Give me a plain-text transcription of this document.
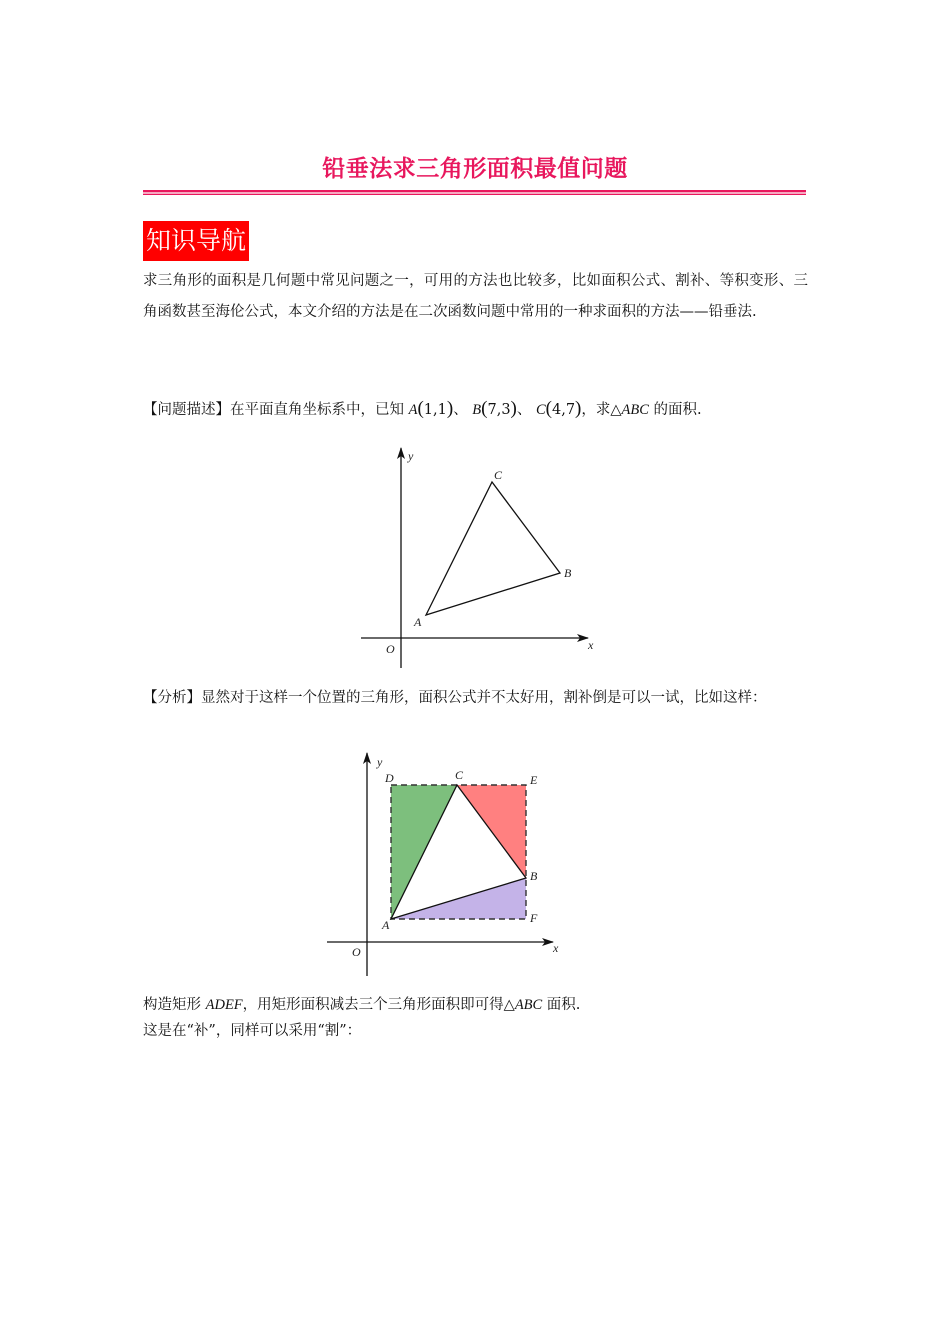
铅垂法求三角形面积最值问题
知识导航
求三角形的面积是几何题中常见问题之一，可用的方法也比较多，比如面积公式、割补、等积变形、三角函数甚至海伦公式，本文介绍的方法是在二次函数问题中常用的一种求面积的方法——铅垂法.
【问题描述】在平面直角坐标系中，已知 A(1,1)、 B(7,3)、 C(4,7)，求△ABC 的面积.
y
x
O
A
B
C
y
x
O
A
B
C
D	E
F
【分析】显然对于这样一个位置的三角形，面积公式并不太好用，割补倒是可以一试，比如这样：
构造矩形 ADEF，用矩形面积减去三个三角形面积即可得△ABC 面积.
这是在“补”，同样可以采用“割”：
